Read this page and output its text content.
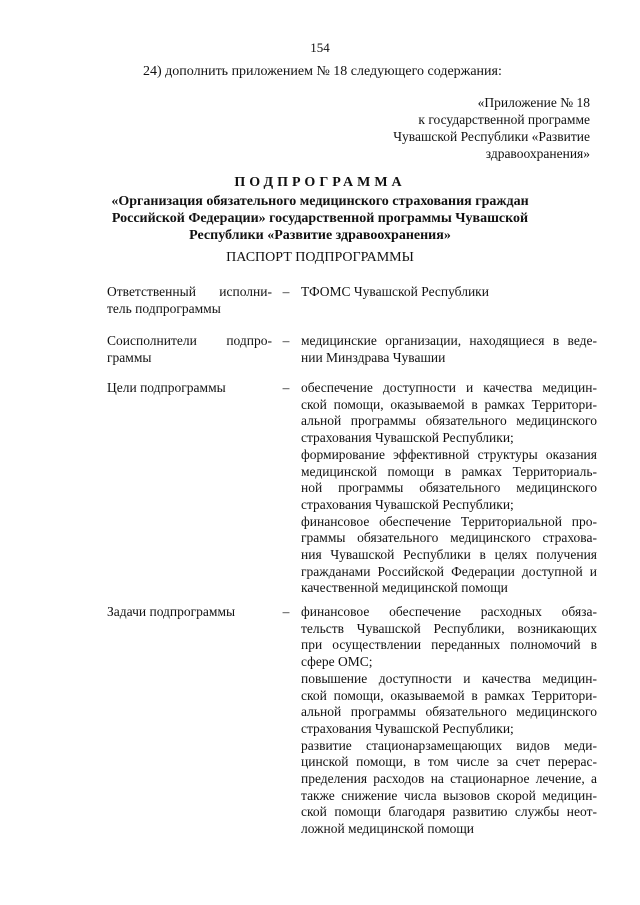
154
24) дополнить приложением № 18 следующего содержания:
«Приложение № 18
к государственной программе
Чувашской Республики «Развитие
здравоохранения»
ПОДПРОГРАММА
«Организация обязательного медицинского страхования граждан
Российской Федерации» государственной программы Чувашской
Республики «Развитие здравоохранения»
ПАСПОРТ ПОДПРОГРАММЫ
Ответственный исполни-
тель подпрограммы
– ТФОМС Чувашской Республики
Соисполнители подпро-
граммы
– медицинские организации, находящиеся в веде-
нии Минздрава Чувашии
Цели подпрограммы	– обеспечение доступности и качества медицин-
ской помощи, оказываемой в рамках Территори-
альной программы обязательного медицинского
страхования Чувашской Республики;
формирование эффективной структуры оказания
медицинской помощи в рамках Территориаль-
ной программы обязательного медицинского
страхования Чувашской Республики;
финансовое обеспечение Территориальной про-
граммы обязательного медицинского страхова-
ния Чувашской Республики в целях получения
гражданами Российской Федерации доступной и
качественной медицинской помощи
Задачи подпрограммы	– финансовое обеспечение расходных обяза-
тельств Чувашской Республики, возникающих
при осуществлении переданных полномочий в
сфере ОМС;
повышение доступности и качества медицин-
ской помощи, оказываемой в рамках Территори-
альной программы обязательного медицинского
страхования Чувашской Республики;
развитие стационарзамещающих видов меди-
цинской помощи, в том числе за счет перерас-
пределения расходов на стационарное лечение, а
также снижение числа вызовов скорой медицин-
ской помощи благодаря развитию службы неот-
ложной медицинской помощи
